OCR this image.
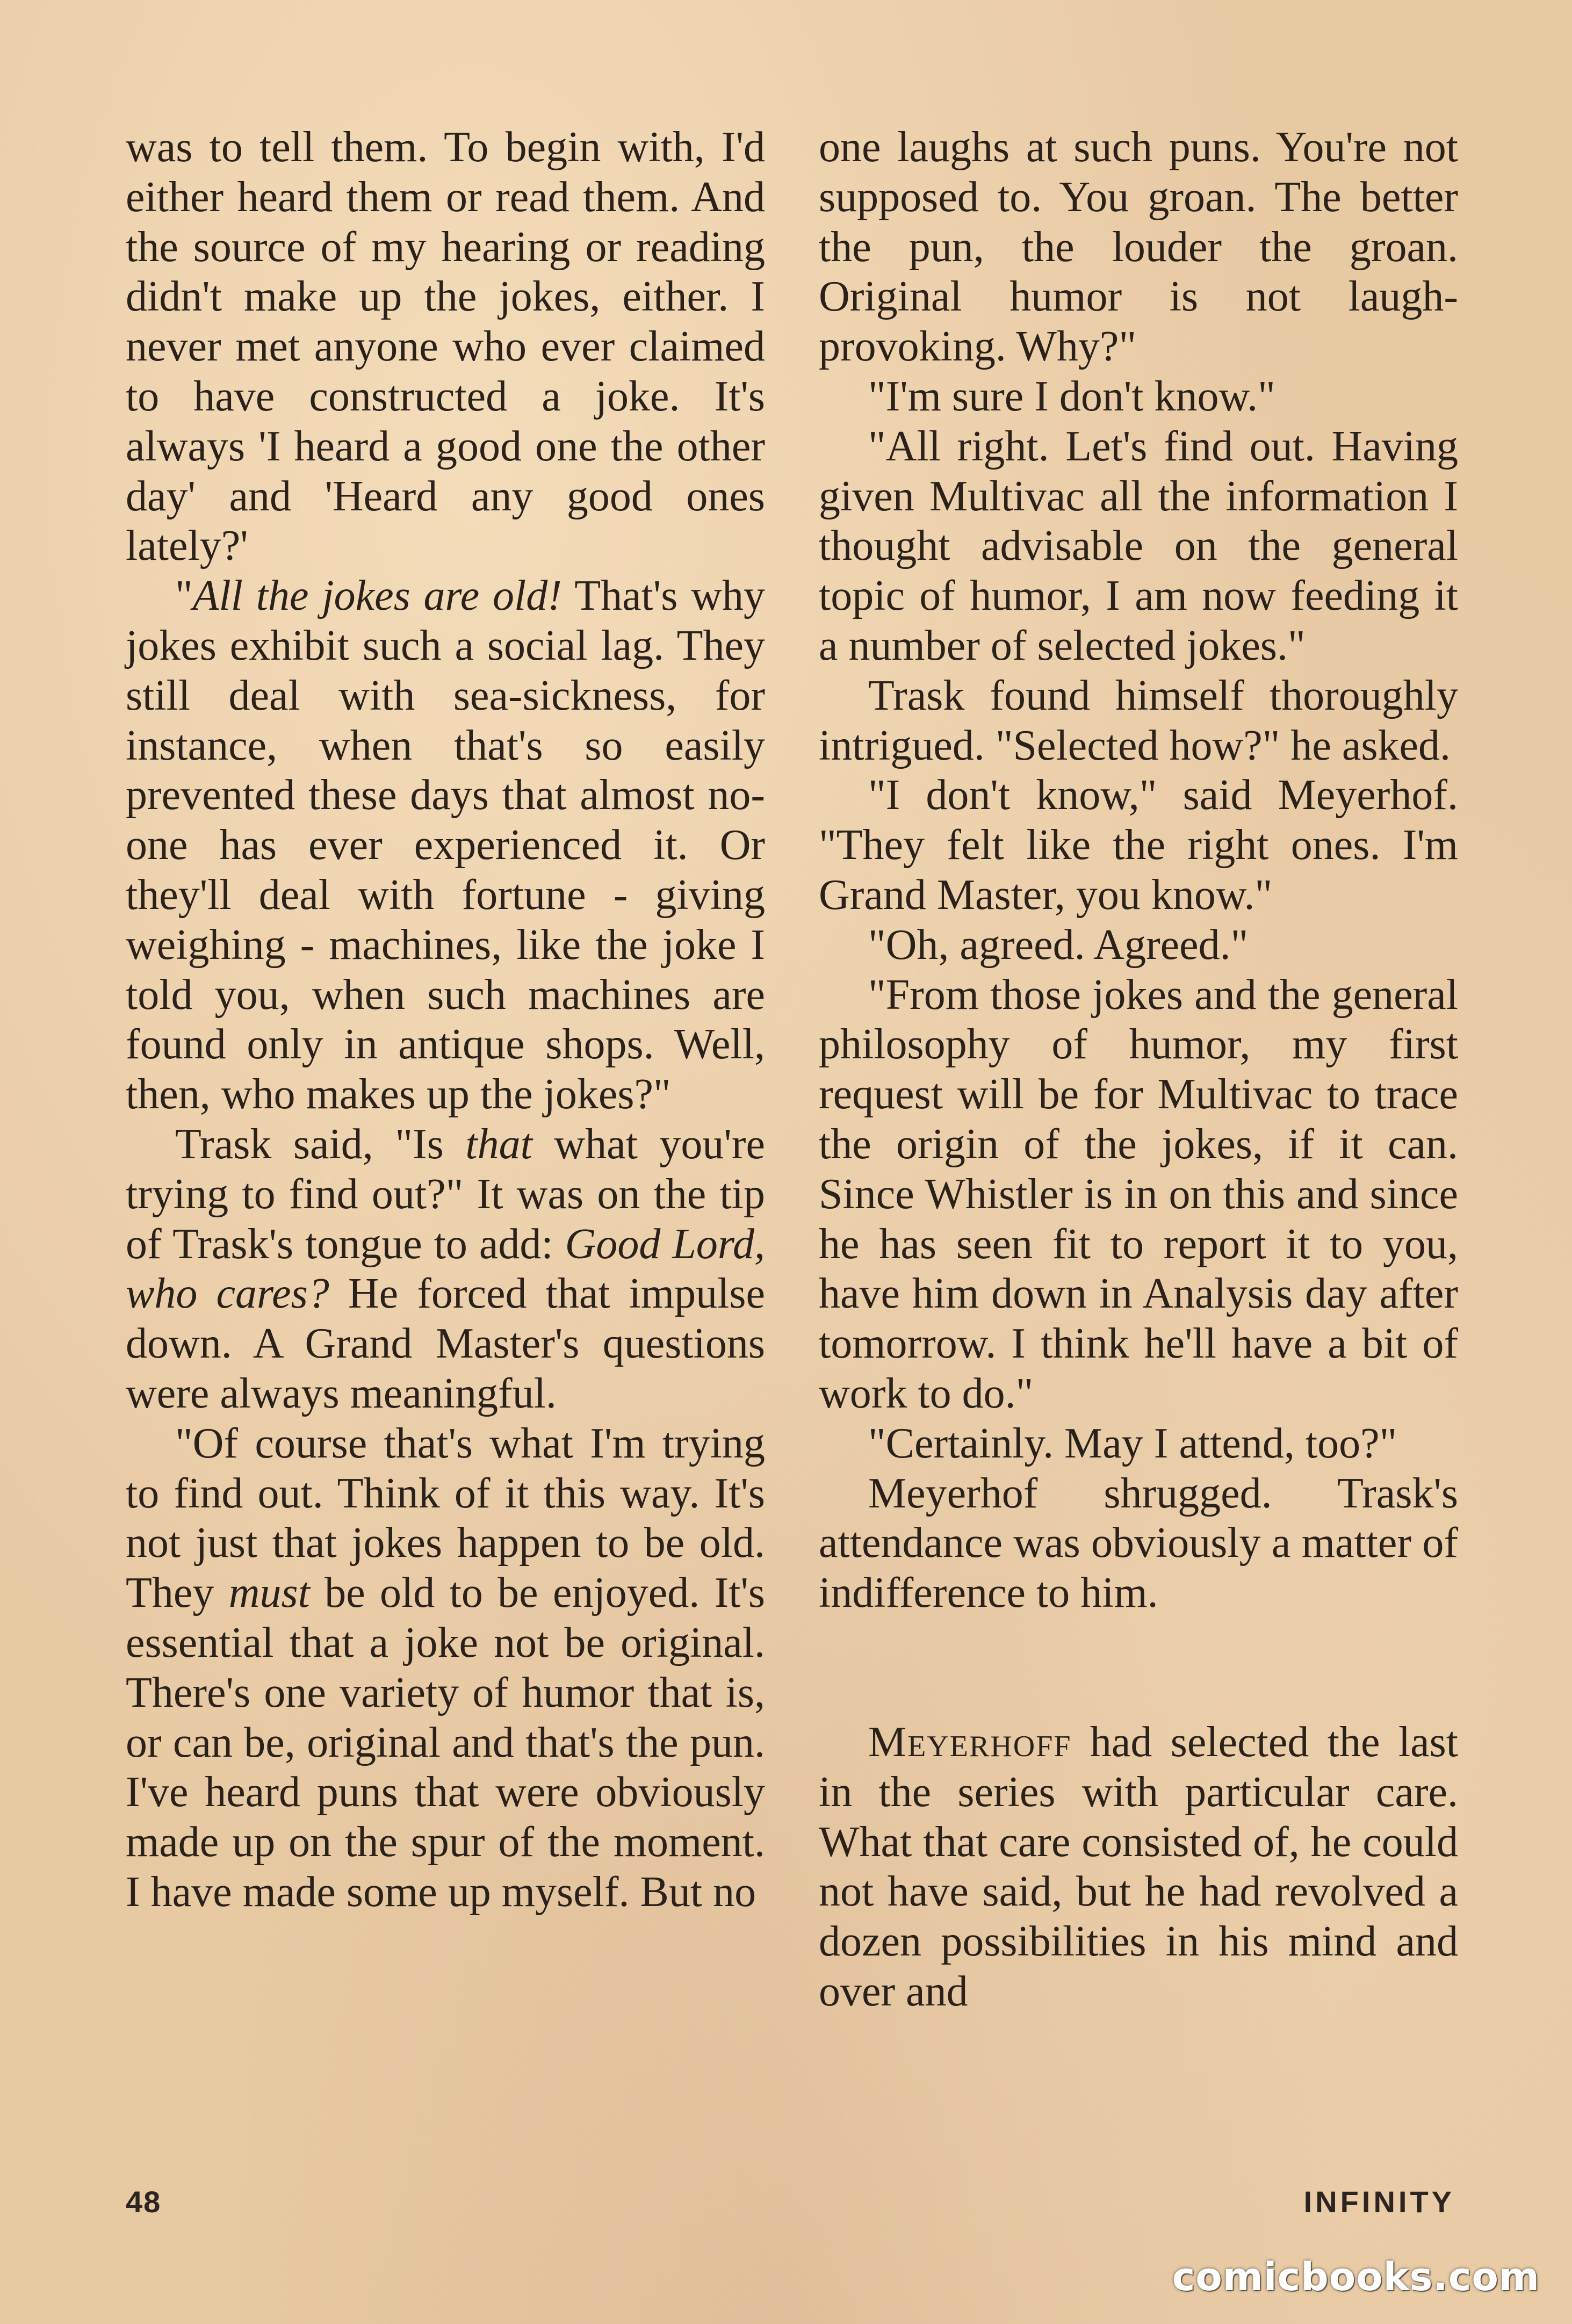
was to tell them. To begin with, I'd either heard them or read them. And the source of my hearing or reading didn't make up the jokes, either. I never met anyone who ever claimed to have constructed a joke. It's always 'I heard a good one the other day' and 'Heard any good ones lately?'

"All the jokes are old! That's why jokes exhibit such a social lag. They still deal with sea-sickness, for instance, when that's so easily prevented these days that almost no-one has ever experienced it. Or they'll deal with fortune - giving weighing - machines, like the joke I told you, when such machines are found only in antique shops. Well, then, who makes up the jokes?"

Trask said, "Is that what you're trying to find out?" It was on the tip of Trask's tongue to add: Good Lord, who cares? He forced that impulse down. A Grand Master's questions were always meaningful.

"Of course that's what I'm trying to find out. Think of it this way. It's not just that jokes happen to be old. They must be old to be enjoyed. It's essential that a joke not be original. There's one variety of humor that is, or can be, original and that's the pun. I've heard puns that were obviously made up on the spur of the moment. I have made some up myself. But no

one laughs at such puns. You're not supposed to. You groan. The better the pun, the louder the groan. Original humor is not laugh-provoking. Why?"

"I'm sure I don't know."

"All right. Let's find out. Having given Multivac all the information I thought advisable on the general topic of humor, I am now feeding it a number of selected jokes."

Trask found himself thoroughly intrigued. "Selected how?" he asked.

"I don't know," said Meyerhof. "They felt like the right ones. I'm Grand Master, you know."

"Oh, agreed. Agreed."

"From those jokes and the general philosophy of humor, my first request will be for Multivac to trace the origin of the jokes, if it can. Since Whistler is in on this and since he has seen fit to report it to you, have him down in Analysis day after tomorrow. I think he'll have a bit of work to do."

"Certainly. May I attend, too?"

Meyerhof shrugged. Trask's attendance was obviously a matter of indifference to him.

Meyerhoff had selected the last in the series with particular care. What that care consisted of, he could not have said, but he had revolved a dozen possibilities in his mind and over and

48	INFINITY
comicbooks.com
